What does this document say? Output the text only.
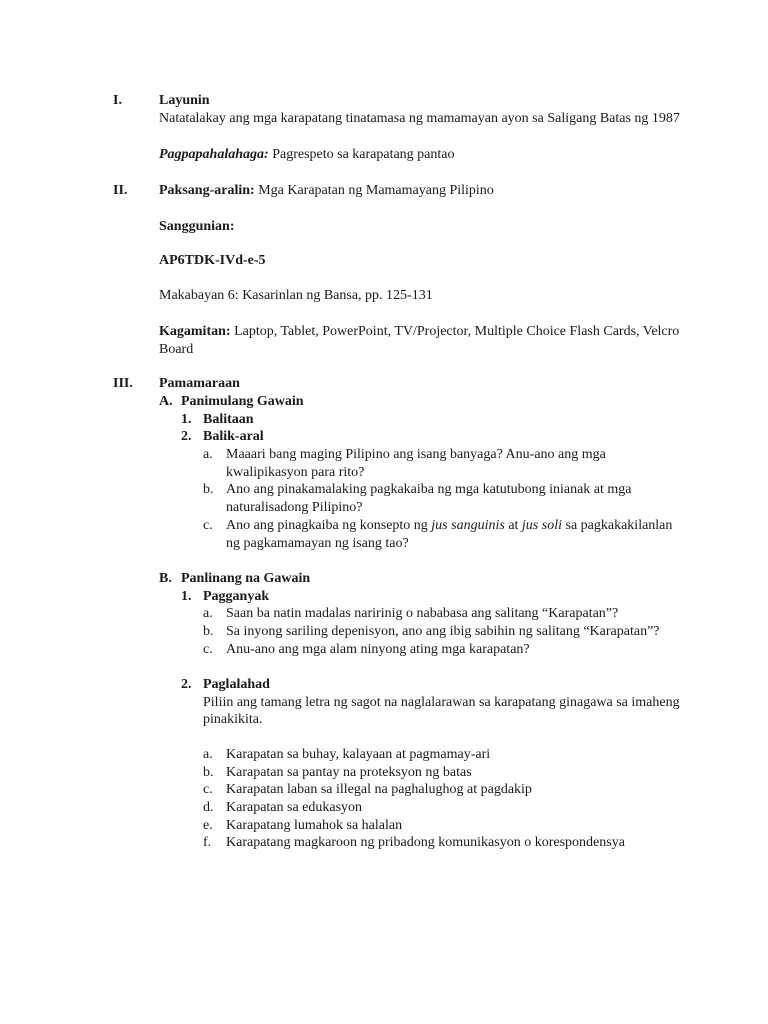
I.	Layunin
Natatalakay ang mga karapatang tinatamasa ng mamamayan ayon sa Saligang Batas ng 1987
Pagpapahalahaga: Pagrespeto sa karapatang pantao
II. Paksang-aralin: Mga Karapatan ng Mamamayang Pilipino
Sanggunian:
AP6TDK-IVd-e-5
Makabayan 6: Kasarinlan ng Bansa, pp. 125-131
Kagamitan: Laptop, Tablet, PowerPoint, TV/Projector, Multiple Choice Flash Cards, Velcro
Board
III. Pamamaraan
A. Panimulang Gawain
1. Balitaan
2. Balik-aral
a. Maaari bang maging Pilipino ang isang banyaga? Anu-ano ang mga
kwalipikasyon para rito?
b. Ano ang pinakamalaking pagkakaiba ng mga katutubong inianak at mga
naturalisadong Pilipino?
c. Ano ang pinagkaiba ng konsepto ng jus sanguinis at jus soli sa pagkakakilanlan
ng pagkamamayan ng isang tao?
B. Panlinang na Gawain
1. Pagganyak
a. Saan ba natin madalas naririnig o nababasa ang salitang “Karapatan”?
b. Sa inyong sariling depenisyon, ano ang ibig sabihin ng salitang “Karapatan”?
c. Anu-ano ang mga alam ninyong ating mga karapatan?
2. Paglalahad
Piliin ang tamang letra ng sagot na naglalarawan sa karapatang ginagawa sa imaheng
pinakikita.
a. Karapatan sa buhay, kalayaan at pagmamay-ari
b. Karapatan sa pantay na proteksyon ng batas
c. Karapatan laban sa illegal na paghalughog at pagdakip
d. Karapatan sa edukasyon
e. Karapatang lumahok sa halalan
f. Karapatang magkaroon ng pribadong komunikasyon o korespondensya
